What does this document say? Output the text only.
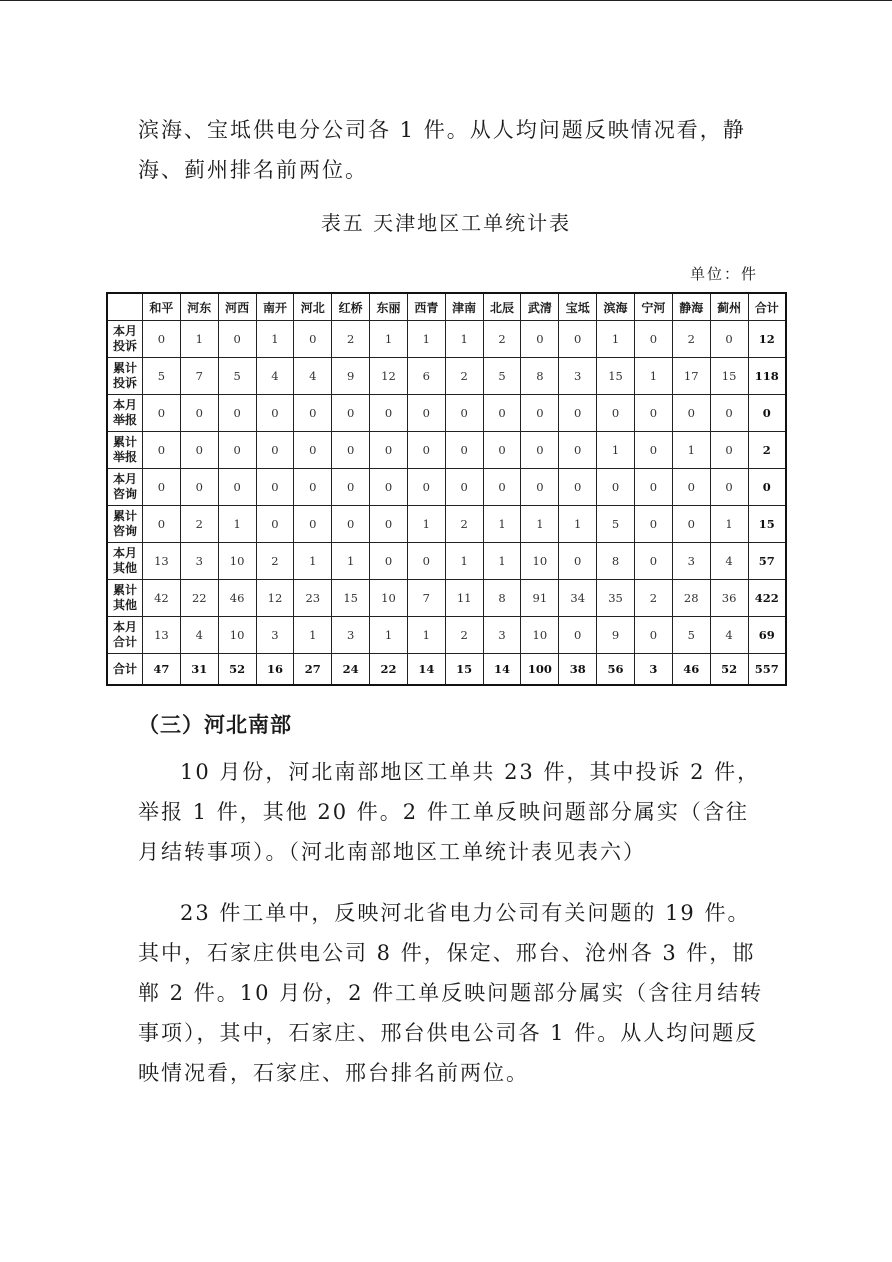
滨海、宝坻供电分公司各 1 件。从人均问题反映情况看，静海、蓟州排名前两位。

表五 天津地区工单统计表
单位：件
	和平	河东	河西	南开	河北	红桥	东丽	西青	津南	北辰	武清	宝坻	滨海	宁河	静海	蓟州	合计
本月投诉	0	1	0	1	0	2	1	1	1	2	0	0	1	0	2	0	12
累计投诉	5	7	5	4	4	9	12	6	2	5	8	3	15	1	17	15	118
本月举报	0	0	0	0	0	0	0	0	0	0	0	0	0	0	0	0	0
累计举报	0	0	0	0	0	0	0	0	0	0	0	0	1	0	1	0	2
本月咨询	0	0	0	0	0	0	0	0	0	0	0	0	0	0	0	0	0
累计咨询	0	2	1	0	0	0	0	1	2	1	1	1	5	0	0	1	15
本月其他	13	3	10	2	1	1	0	0	1	1	10	0	8	0	3	4	57
累计其他	42	22	46	12	23	15	10	7	11	8	91	34	35	2	28	36	422
本月合计	13	4	10	3	1	3	1	1	2	3	10	0	9	0	5	4	69
合计	47	31	52	16	27	24	22	14	15	14	100	38	56	3	46	52	557
（三）河北南部

10 月份，河北南部地区工单共 23 件，其中投诉 2 件，举报 1 件，其他 20 件。2 件工单反映问题部分属实（含往月结转事项）。（河北南部地区工单统计表见表六）

23 件工单中，反映河北省电力公司有关问题的 19 件。其中，石家庄供电公司 8 件，保定、邢台、沧州各 3 件，邯郸 2 件。10 月份，2 件工单反映问题部分属实（含往月结转事项），其中，石家庄、邢台供电公司各 1 件。从人均问题反映情况看，石家庄、邢台排名前两位。
